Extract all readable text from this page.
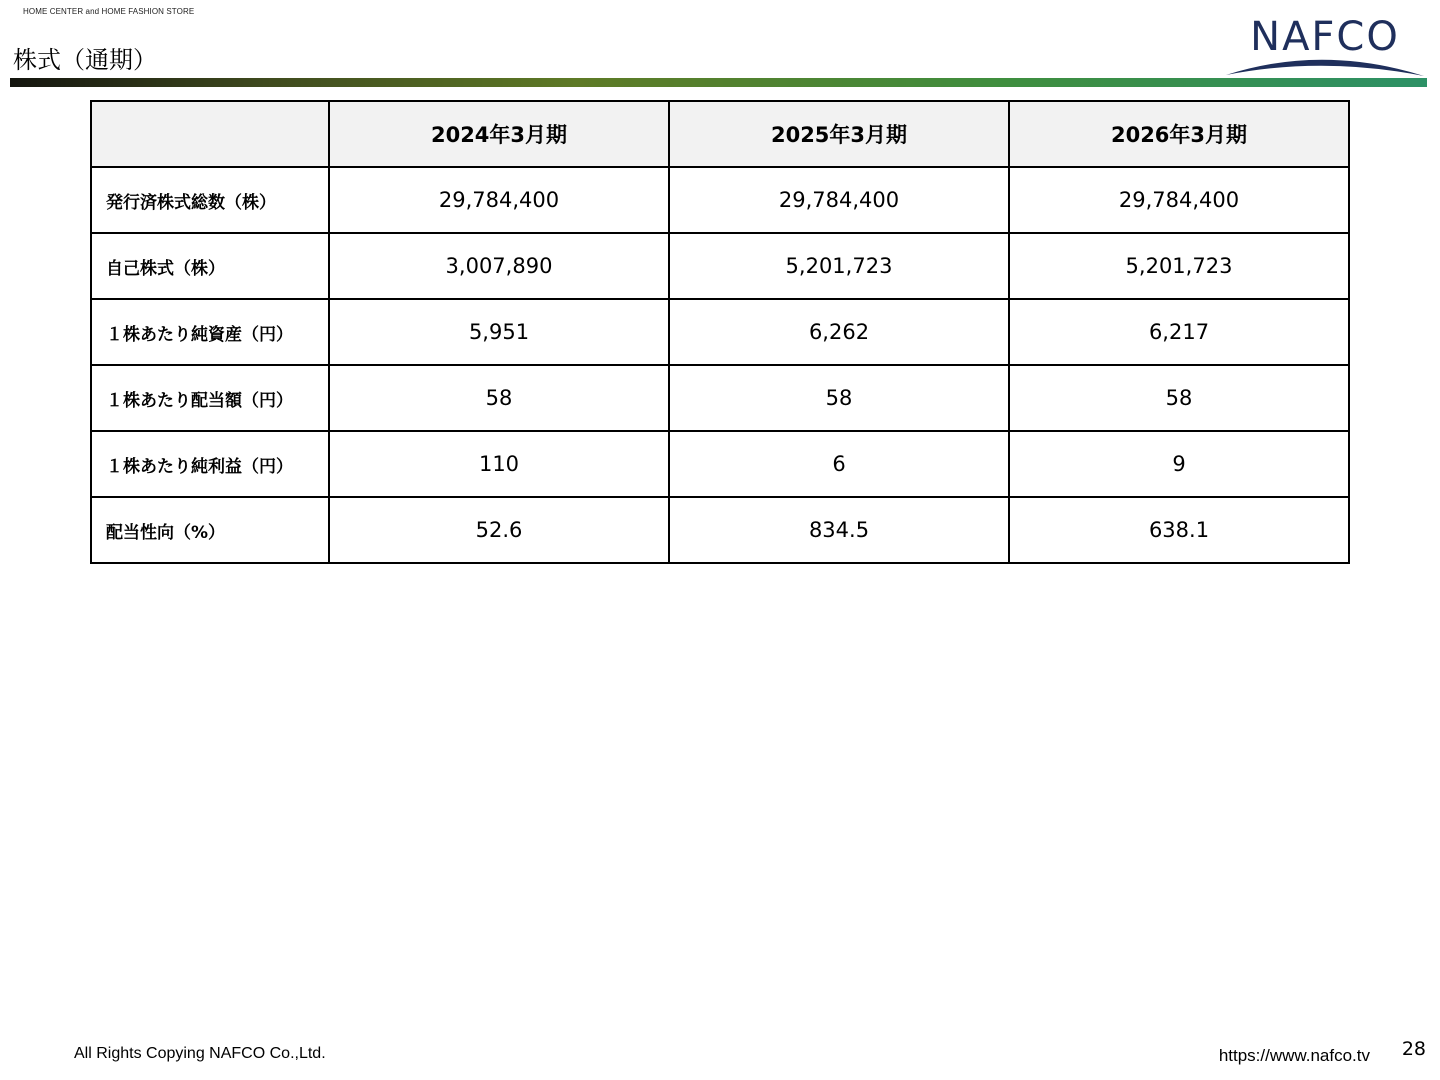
HOME CENTER and HOME FASHION STORE
株式（通期）	NAFCO
	2024年3月期	2025年3月期	2026年3月期
発行済株式総数（株）	29,784,400	29,784,400	29,784,400
自己株式（株）	3,007,890	5,201,723	5,201,723
１株あたり純資産（円）	5,951	6,262	6,217
１株あたり配当額（円）	58	58	58
１株あたり純利益（円）	110	6	9
配当性向（%）	52.6	834.5	638.1
All Rights Copying NAFCO Co.,Ltd.	https://www.nafco.tv 28
